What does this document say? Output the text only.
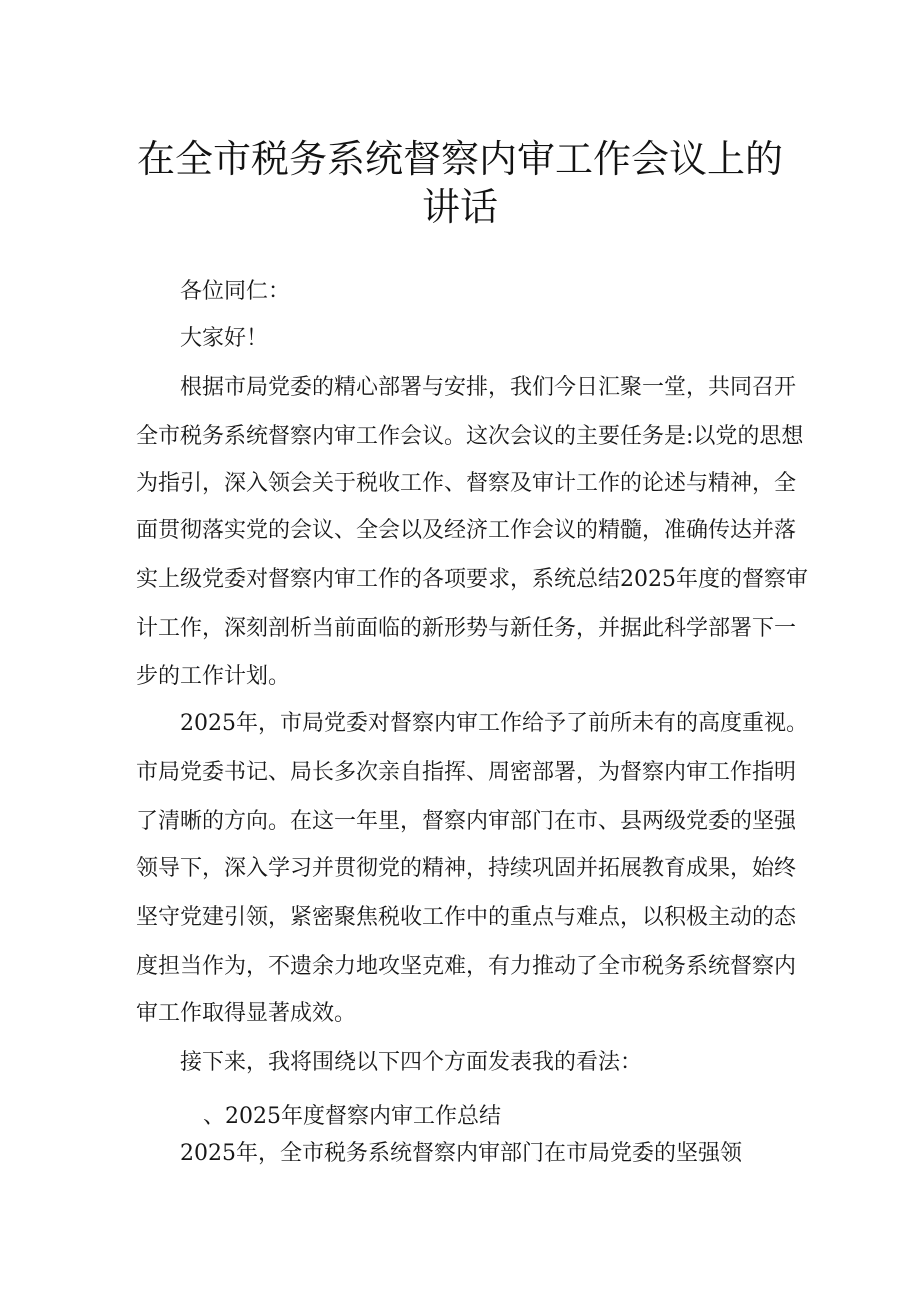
在全市税务系统督察内审工作会议上的
讲话
各位同仁：
大家好！
根据市局党委的精心部署与安排，我们今日汇聚一堂，共同召开
全市税务系统督察内审工作会议。这次会议的主要任务是:以党的思想
为指引，深入领会关于税收工作、督察及审计工作的论述与精神，全
面贯彻落实党的会议、全会以及经济工作会议的精髓，准确传达并落
实上级党委对督察内审工作的各项要求，系统总结2025年度的督察审
计工作，深刻剖析当前面临的新形势与新任务，并据此科学部署下一
步的工作计划。
2025年，市局党委对督察内审工作给予了前所未有的高度重视。
市局党委书记、局长多次亲自指挥、周密部署，为督察内审工作指明
了清晰的方向。在这一年里，督察内审部门在市、县两级党委的坚强
领导下，深入学习并贯彻党的精神，持续巩固并拓展教育成果，始终
坚守党建引领，紧密聚焦税收工作中的重点与难点，以积极主动的态
度担当作为，不遗余力地攻坚克难，有力推动了全市税务系统督察内
审工作取得显著成效。
接下来，我将围绕以下四个方面发表我的看法：
、2025年度督察内审工作总结
2025年，全市税务系统督察内审部门在市局党委的坚强领
